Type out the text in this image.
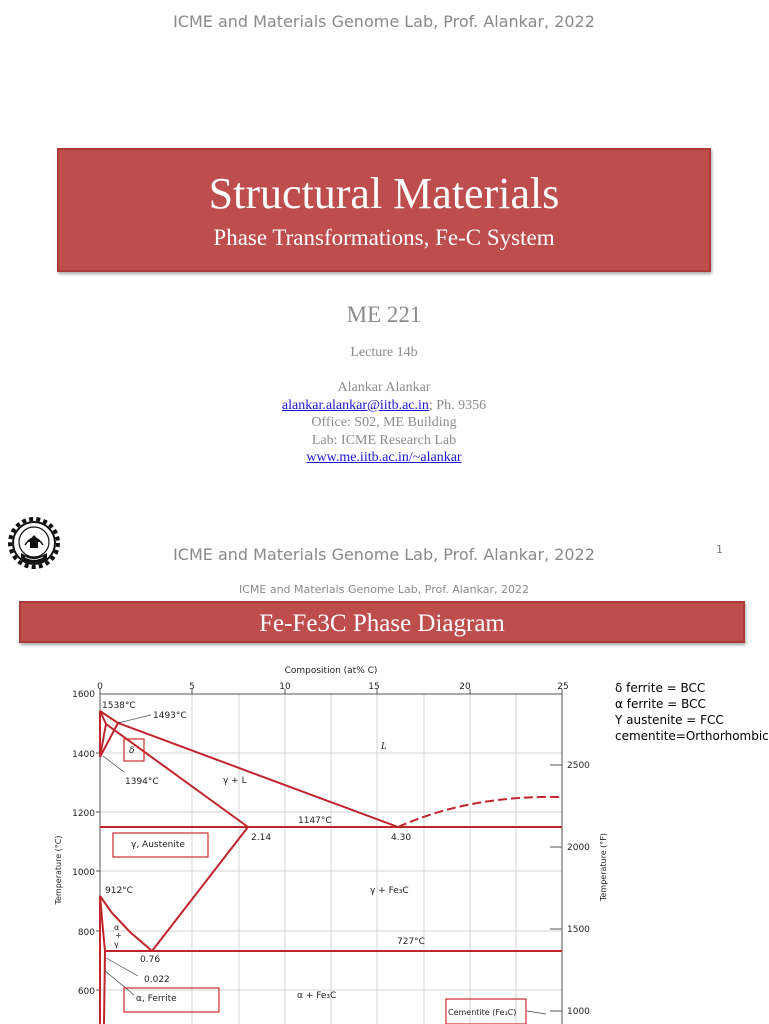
ICME and Materials Genome Lab, Prof. Alankar, 2022
Structural Materials
Phase Transformations, Fe-C System
ME 221
Lecture 14b
Alankar Alankar
alankar.alankar@iitb.ac.in; Ph. 9356
Office: S02, ME Building
Lab: ICME Research Lab
www.me.iitb.ac.in/~alankar
ICME and Materials Genome Lab, Prof. Alankar, 2022	1
ICME and Materials Genome Lab, Prof. Alankar, 2022
Fe-Fe3C Phase Diagram
δ ferrite = BCC
α ferrite = BCC
Υ austenite = FCC
cementite=Orthorhombic
Composition (at% C)
0	5	10	15	20	25
1600
1400
1200
1000
800
600
2500
2000
1500
1000
Temperature (°C)	Temperature (°F)
1538°C
1493°C
1394°C
1147°C
912°C
727°C
2.14	4.30
0.76
0.022
δ	L
γ + L
γ, Austenite
γ + Fe₃C
α
+
γ
α, Ferrite	α + Fe₃C
Cementite (Fe₃C)
